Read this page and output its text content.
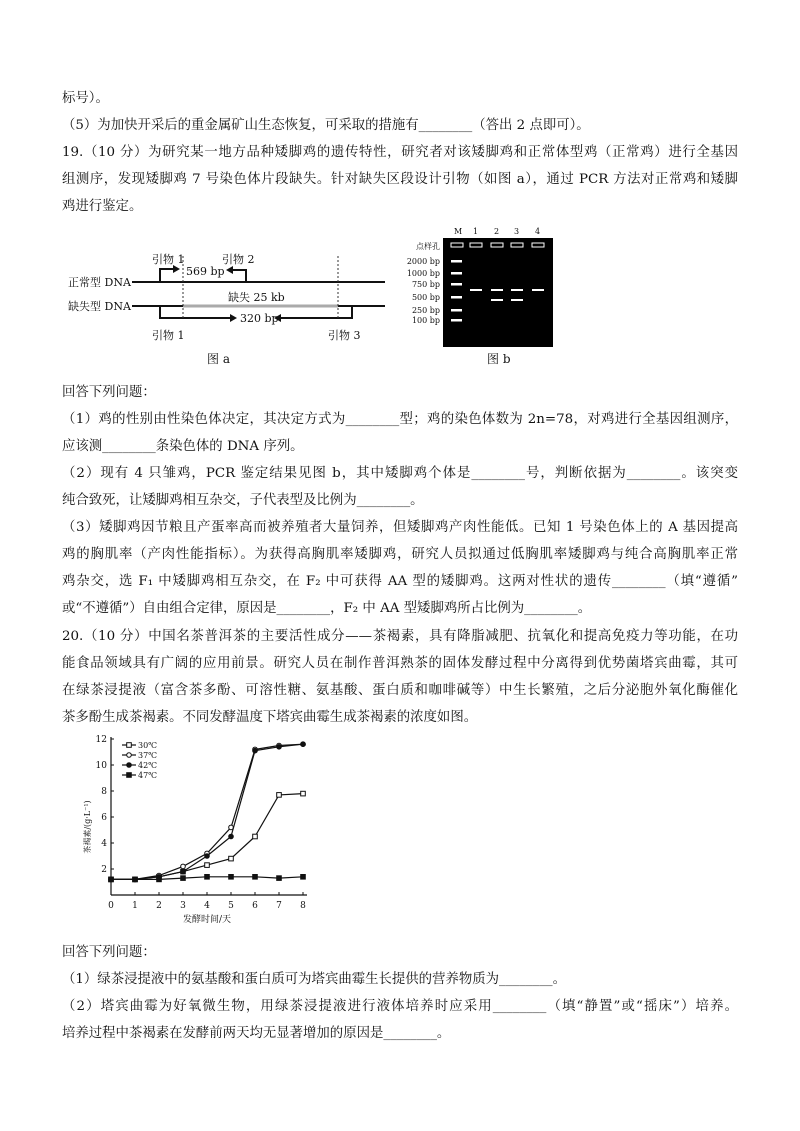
标号）。
（5）为加快开采后的重金属矿山生态恢复，可采取的措施有________（答出 2 点即可）。
19.（10 分）为研究某一地方品种矮脚鸡的遗传特性，研究者对该矮脚鸡和正常体型鸡（正常鸡）进行全基因
组测序，发现矮脚鸡 7 号染色体片段缺失。针对缺失区段设计引物（如图 a），通过 PCR 方法对正常鸡和矮脚
鸡进行鉴定。
正常型 DNA
缺失型 DNA
引物 1	引物 2
569 bp
缺失 25 kb
320 bp
引物 1	引物 3
图 a
M 1 2 3 4
点样孔
2000 bp
1000 bp
750 bp
500 bp
250 bp
100 bp
图 b
回答下列问题：
（1）鸡的性别由性染色体决定，其决定方式为________型；鸡的染色体数为 2n=78，对鸡进行全基因组测序，
应该测________条染色体的 DNA 序列。
（2）现有 4 只雏鸡，PCR 鉴定结果见图 b，其中矮脚鸡个体是________号，判断依据为________。该突变
纯合致死，让矮脚鸡相互杂交，子代表型及比例为________。
（3）矮脚鸡因节粮且产蛋率高而被养殖者大量饲养，但矮脚鸡产肉性能低。已知 1 号染色体上的 A 基因提高
鸡的胸肌率（产肉性能指标）。为获得高胸肌率矮脚鸡，研究人员拟通过低胸肌率矮脚鸡与纯合高胸肌率正常
鸡杂交，选 F₁ 中矮脚鸡相互杂交，在 F₂ 中可获得 AA 型的矮脚鸡。这两对性状的遗传________（填“遵循”
或“不遵循”）自由组合定律，原因是________，F₂ 中 AA 型矮脚鸡所占比例为________。
20.（10 分）中国名茶普洱茶的主要活性成分——茶褐素，具有降脂减肥、抗氧化和提高免疫力等功能，在功
能食品领域具有广阔的应用前景。研究人员在制作普洱熟茶的固体发酵过程中分离得到优势菌塔宾曲霉，其可
在绿茶浸提液（富含茶多酚、可溶性糖、氨基酸、蛋白质和咖啡碱等）中生长繁殖，之后分泌胞外氧化酶催化
茶多酚生成茶褐素。不同发酵温度下塔宾曲霉生成茶褐素的浓度如图。
0 1 2 3 4 5 6 7 8
2
4
6
8
10
12
发酵时间/天
茶褐素/(g·L⁻¹)
30℃
37℃
42℃
47℃
回答下列问题：
（1）绿茶浸提液中的氨基酸和蛋白质可为塔宾曲霉生长提供的营养物质为________。
（2）塔宾曲霉为好氧微生物，用绿茶浸提液进行液体培养时应采用________（填“静置”或“摇床”）培养。
培养过程中茶褐素在发酵前两天均无显著增加的原因是________。
